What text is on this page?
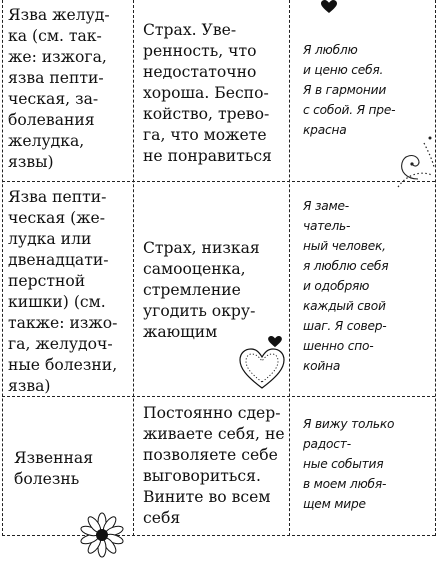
Язва желуд-
ка (см. так-
же: изжога,
язва пепти-
ческая, за-
болевания
желудка,
язвы)
Страх. Уве-
ренность, что
недостаточно
хороша. Беспо-
койство, трево-
га, что можете
не понравиться
Я люблю
и ценю себя.
Я в гармонии
с собой. Я пре-
красна
Язва пепти-
ческая (же-
лудка или
двенадцати-
перстной
кишки) (см.
также: изжо-
га, желудоч-
ные болезни,
язва)
Страх, низкая
самооценка,
стремление
угодить окру-
жающим
Я заме-
чатель-
ный человек,
я люблю себя
и одобряю
каждый свой
шаг. Я совер-
шенно спо-
койна
Язвенная
болезнь
Постоянно сдер-
живаете себя, не
позволяете себе
выговориться.
Вините во всем
себя
Я вижу только
радост-
ные события
в моем любя-
щем мире
